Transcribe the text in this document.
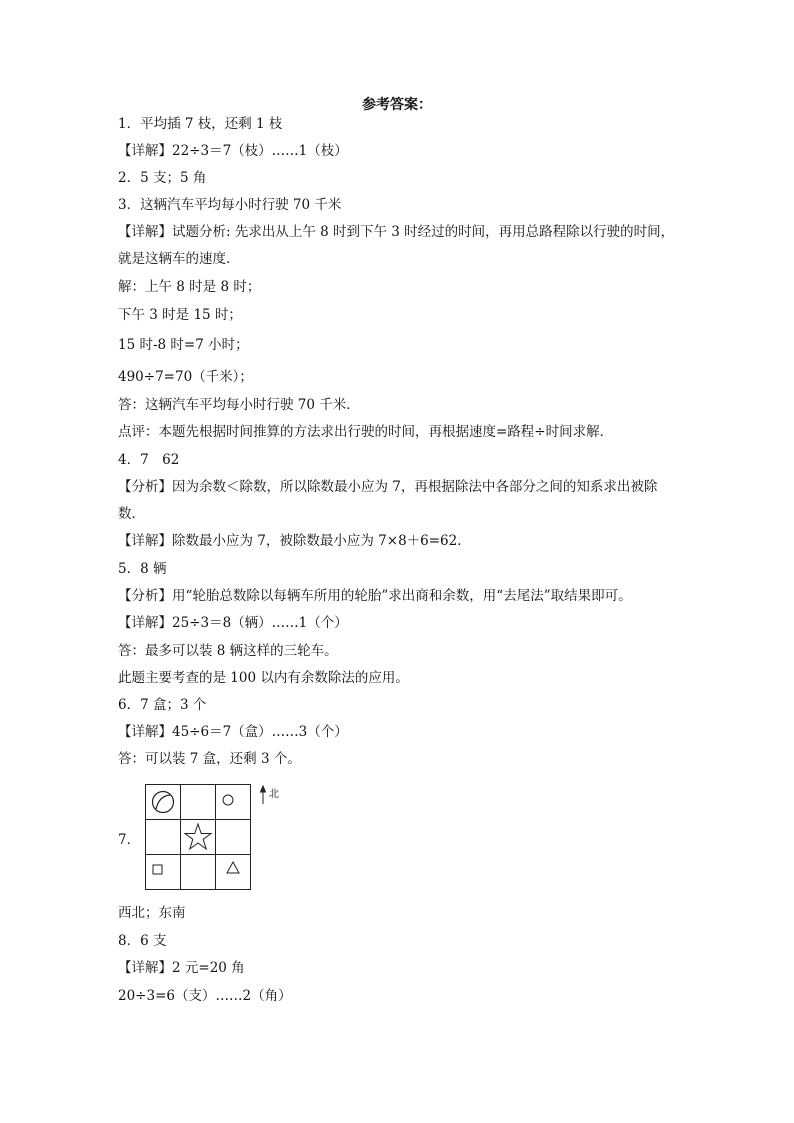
参考答案：
1．平均插 7 枝，还剩 1 枝
【详解】22÷3＝7（枝）……1（枝）
2．5 支；5 角
3．这辆汽车平均每小时行驶 70 千米
【详解】试题分析: 先求出从上午 8 时到下午 3 时经过的时间，再用总路程除以行驶的时间，
就是这辆车的速度．
解：上午 8 时是 8 时；
下午 3 时是 15 时；
15 时-8 时=7 小时；
490÷7=70（千米）；
答：这辆汽车平均每小时行驶 70 千米．
点评：本题先根据时间推算的方法求出行驶的时间，再根据速度=路程÷时间求解．
4．7　62
【分析】因为余数＜除数，所以除数最小应为 7，再根据除法中各部分之间的知系求出被除
数．
【详解】除数最小应为 7，被除数最小应为 7×8＋6=62．
5．8 辆
【分析】用“轮胎总数除以每辆车所用的轮胎”求出商和余数，用“去尾法”取结果即可。
【详解】25÷3＝8（辆）……1（个）
答：最多可以装 8 辆这样的三轮车。
此题主要考查的是 100 以内有余数除法的应用。
6．7 盒；3 个
【详解】45÷6＝7（盒）……3（个）
答：可以装 7 盒，还剩 3 个。
7．
北
西北；东南
8．6 支
【详解】2 元=20 角
20÷3=6（支）……2（角）
